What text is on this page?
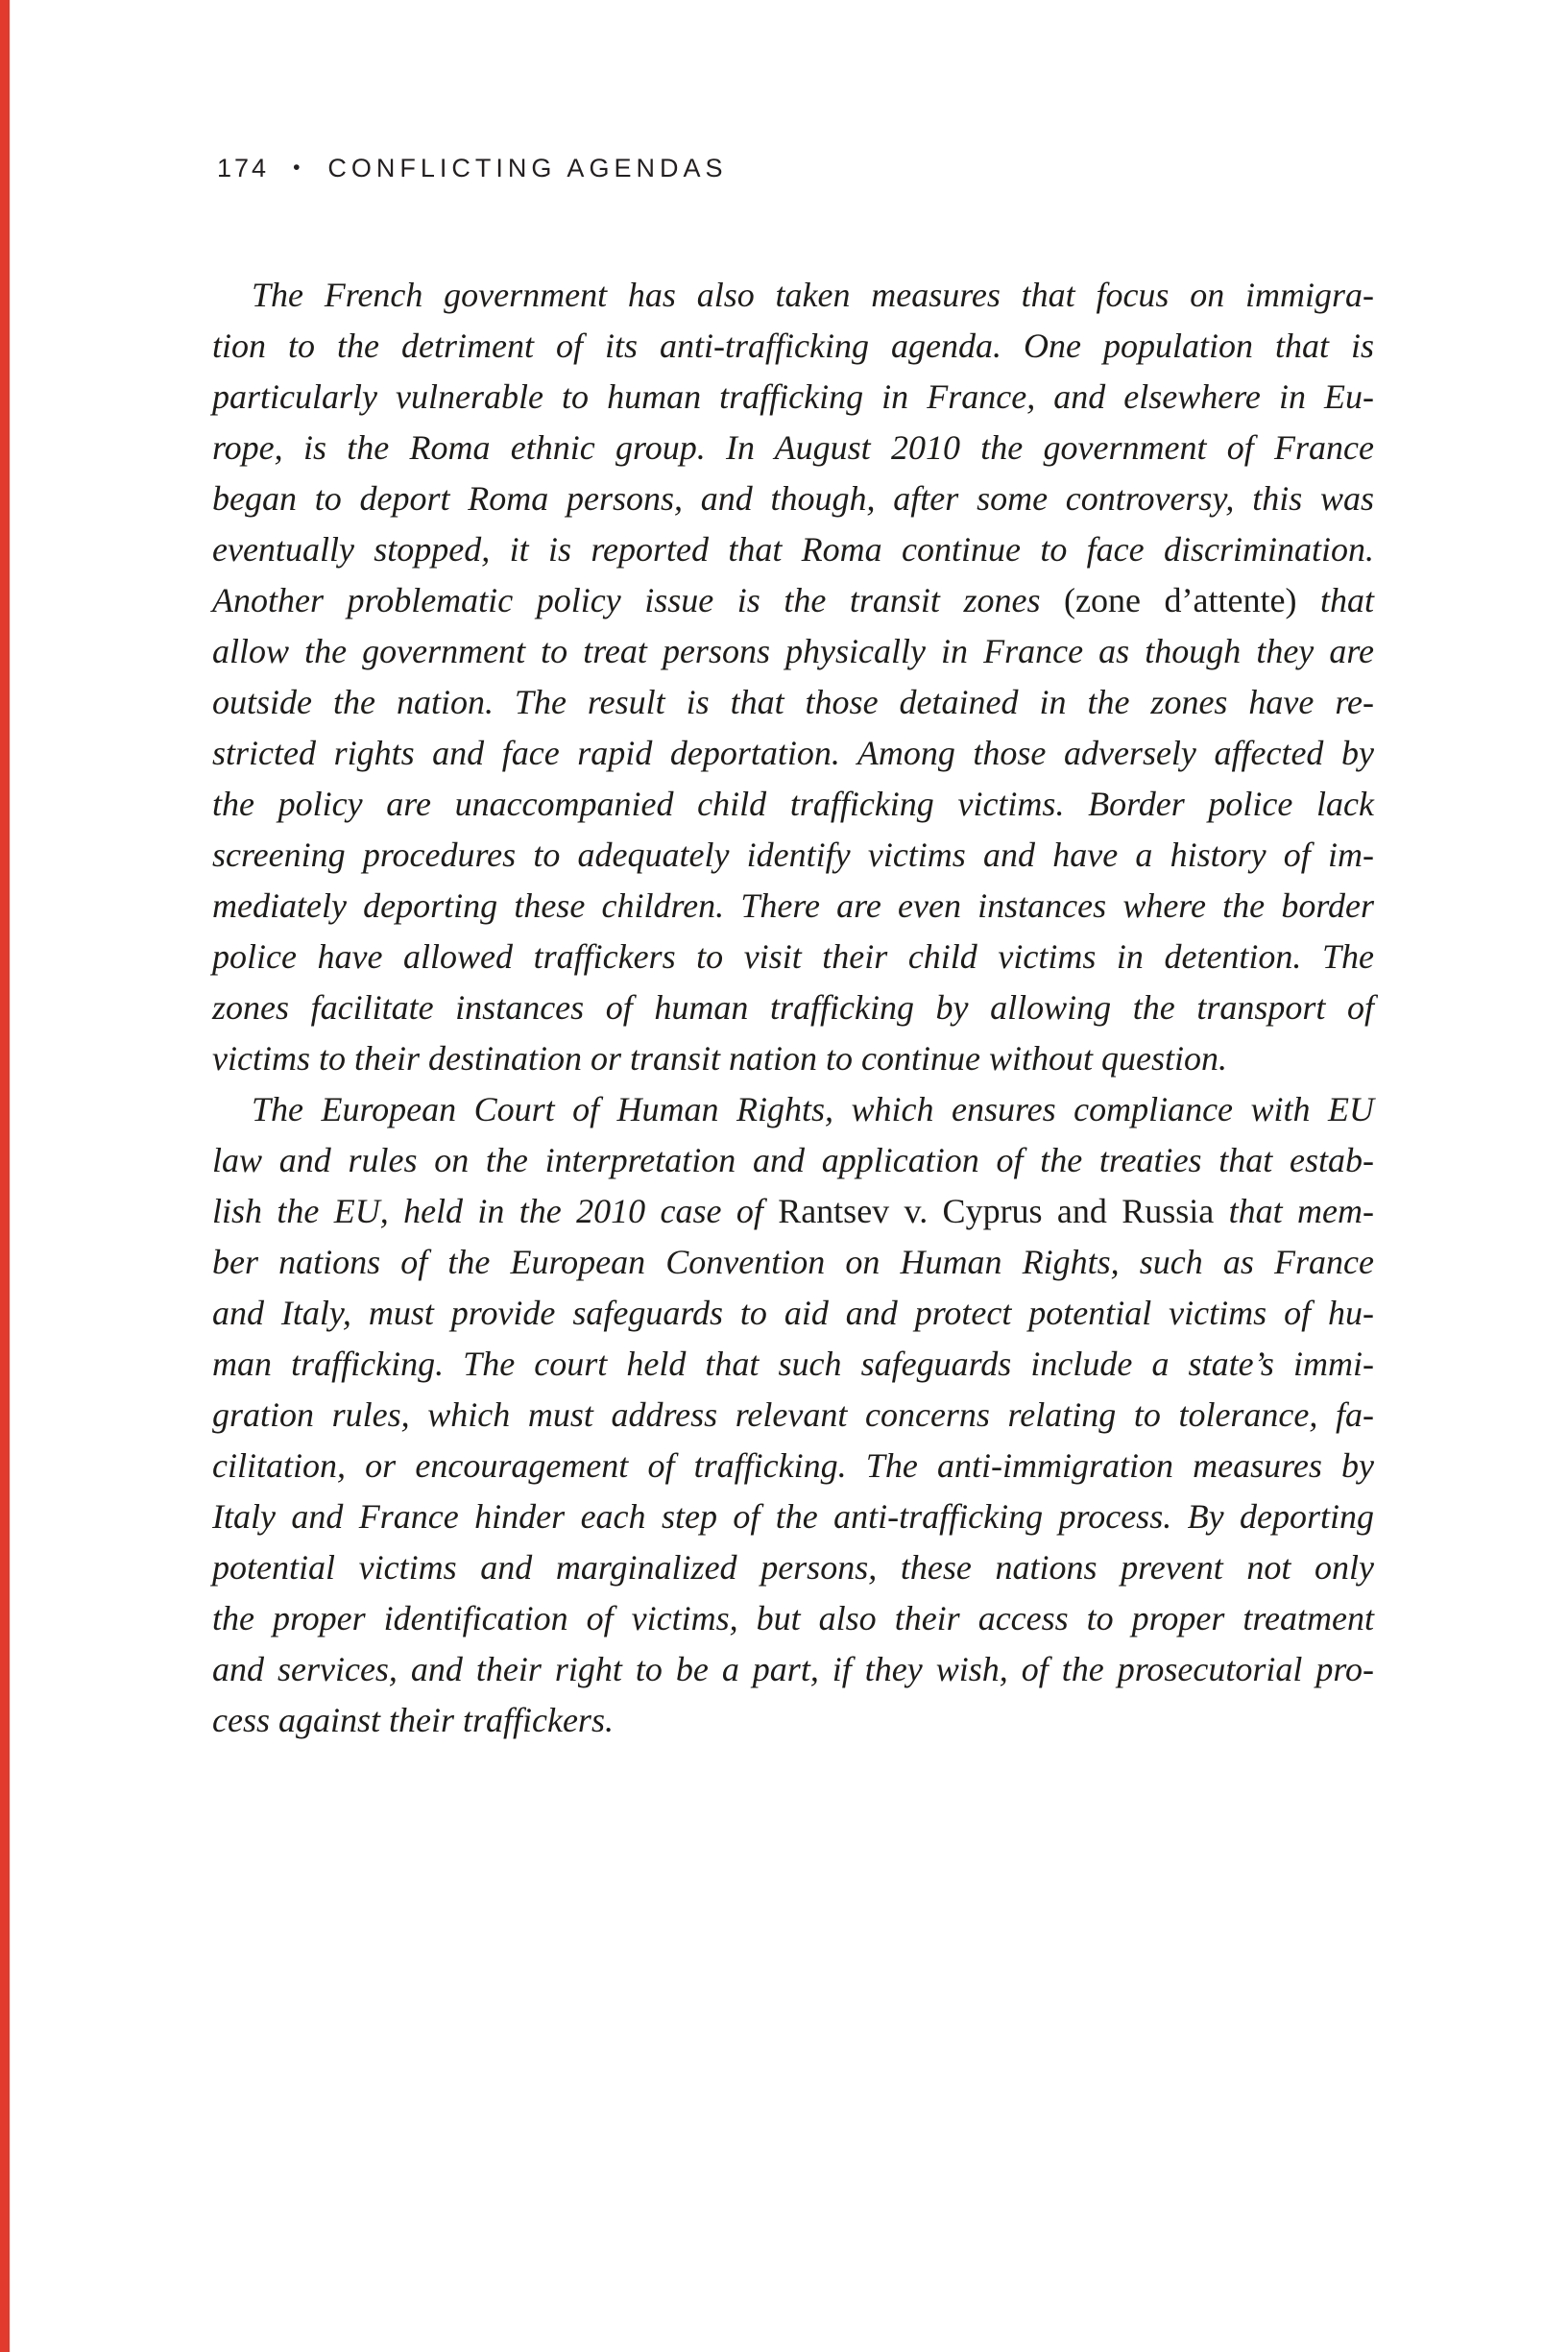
174 • CONFLICTING AGENDAS
The French government has also taken measures that focus on immigra-
tion to the detriment of its anti-trafficking agenda. One population that is
particularly vulnerable to human trafficking in France, and elsewhere in Eu-
rope, is the Roma ethnic group. In August 2010 the government of France
began to deport Roma persons, and though, after some controversy, this was
eventually stopped, it is reported that Roma continue to face discrimination.
Another problematic policy issue is the transit zones (zone d’attente) that
allow the government to treat persons physically in France as though they are
outside the nation. The result is that those detained in the zones have re-
stricted rights and face rapid deportation. Among those adversely affected by
the policy are unaccompanied child trafficking victims. Border police lack
screening procedures to adequately identify victims and have a history of im-
mediately deporting these children. There are even instances where the border
police have allowed traffickers to visit their child victims in detention. The
zones facilitate instances of human trafficking by allowing the transport of
victims to their destination or transit nation to continue without question.
The European Court of Human Rights, which ensures compliance with EU
law and rules on the interpretation and application of the treaties that estab-
lish the EU, held in the 2010 case of Rantsev v. Cyprus and Russia that mem-
ber nations of the European Convention on Human Rights, such as France
and Italy, must provide safeguards to aid and protect potential victims of hu-
man trafficking. The court held that such safeguards include a state’s immi-
gration rules, which must address relevant concerns relating to tolerance, fa-
cilitation, or encouragement of trafficking. The anti-immigration measures by
Italy and France hinder each step of the anti-trafficking process. By deporting
potential victims and marginalized persons, these nations prevent not only
the proper identification of victims, but also their access to proper treatment
and services, and their right to be a part, if they wish, of the prosecutorial pro-
cess against their traffickers.
